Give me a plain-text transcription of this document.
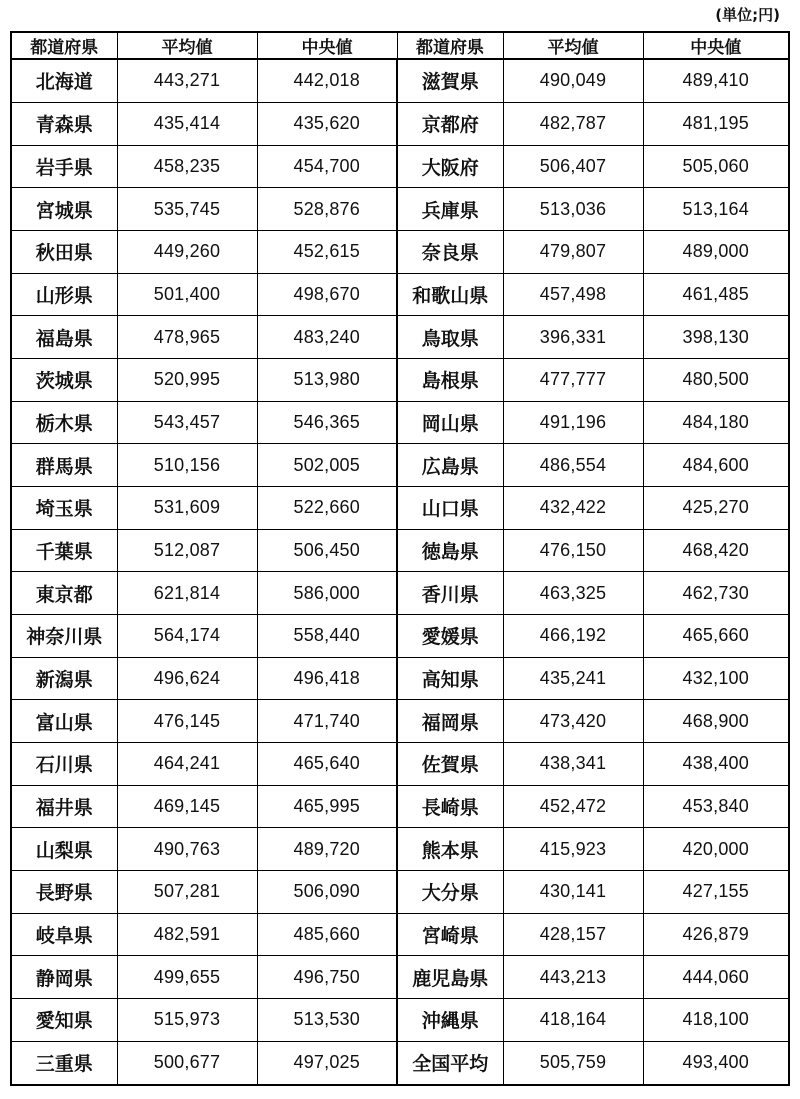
(単位;円)
都道府県	平均値	中央値	都道府県	平均値	中央値
北海道	443,271	442,018	滋賀県	490,049	489,410
青森県	435,414	435,620	京都府	482,787	481,195
岩手県	458,235	454,700	大阪府	506,407	505,060
宮城県	535,745	528,876	兵庫県	513,036	513,164
秋田県	449,260	452,615	奈良県	479,807	489,000
山形県	501,400	498,670	和歌山県	457,498	461,485
福島県	478,965	483,240	鳥取県	396,331	398,130
茨城県	520,995	513,980	島根県	477,777	480,500
栃木県	543,457	546,365	岡山県	491,196	484,180
群馬県	510,156	502,005	広島県	486,554	484,600
埼玉県	531,609	522,660	山口県	432,422	425,270
千葉県	512,087	506,450	徳島県	476,150	468,420
東京都	621,814	586,000	香川県	463,325	462,730
神奈川県	564,174	558,440	愛媛県	466,192	465,660
新潟県	496,624	496,418	高知県	435,241	432,100
富山県	476,145	471,740	福岡県	473,420	468,900
石川県	464,241	465,640	佐賀県	438,341	438,400
福井県	469,145	465,995	長崎県	452,472	453,840
山梨県	490,763	489,720	熊本県	415,923	420,000
長野県	507,281	506,090	大分県	430,141	427,155
岐阜県	482,591	485,660	宮崎県	428,157	426,879
静岡県	499,655	496,750	鹿児島県	443,213	444,060
愛知県	515,973	513,530	沖縄県	418,164	418,100
三重県	500,677	497,025	全国平均	505,759	493,400
